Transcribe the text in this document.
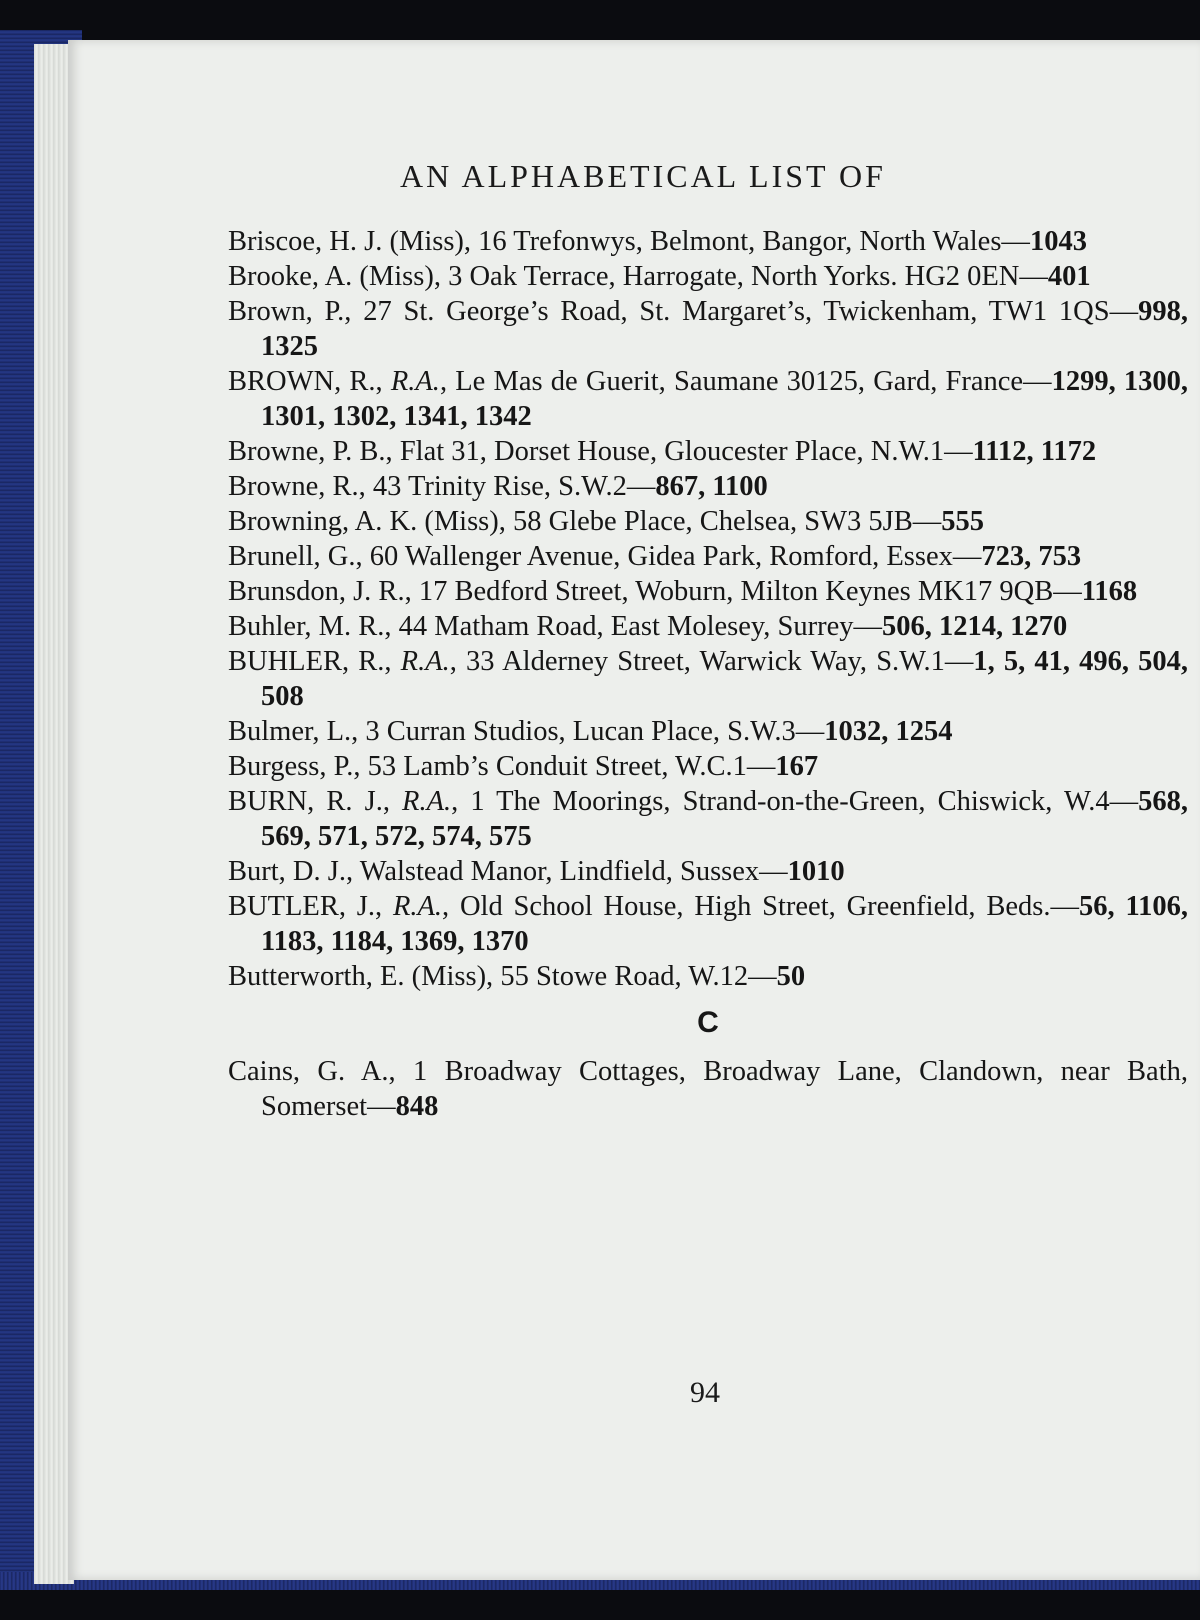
AN ALPHABETICAL LIST OF

Briscoe, H. J. (Miss), 16 Trefonwys, Belmont, Bangor, North Wales—1043

Brooke, A. (Miss), 3 Oak Terrace, Harrogate, North Yorks. HG2 0EN—401

Brown, P., 27 St. George’s Road, St. Margaret’s, Twickenham, TW1 1QS—998, 1325

BROWN, R., R.A., Le Mas de Guerit, Saumane 30125, Gard, France—1299, 1300, 1301, 1302, 1341, 1342

Browne, P. B., Flat 31, Dorset House, Gloucester Place, N.W.1—1112, 1172

Browne, R., 43 Trinity Rise, S.W.2—867, 1100

Browning, A. K. (Miss), 58 Glebe Place, Chelsea, SW3 5JB—555

Brunell, G., 60 Wallenger Avenue, Gidea Park, Romford, Essex—723, 753

Brunsdon, J. R., 17 Bedford Street, Woburn, Milton Keynes MK17 9QB—1168

Buhler, M. R., 44 Matham Road, East Molesey, Surrey—506, 1214, 1270

BUHLER, R., R.A., 33 Alderney Street, Warwick Way, S.W.1—1, 5, 41, 496, 504, 508

Bulmer, L., 3 Curran Studios, Lucan Place, S.W.3—1032, 1254

Burgess, P., 53 Lamb’s Conduit Street, W.C.1—167

BURN, R. J., R.A., 1 The Moorings, Strand-on-the-Green, Chiswick, W.4—568, 569, 571, 572, 574, 575

Burt, D. J., Walstead Manor, Lindfield, Sussex—1010

BUTLER, J., R.A., Old School House, High Street, Greenfield, Beds.—56, 1106, 1183, 1184, 1369, 1370

Butterworth, E. (Miss), 55 Stowe Road, W.12—50

C

Cains, G. A., 1 Broadway Cottages, Broadway Lane, Clandown, near Bath, Somerset—848

94
